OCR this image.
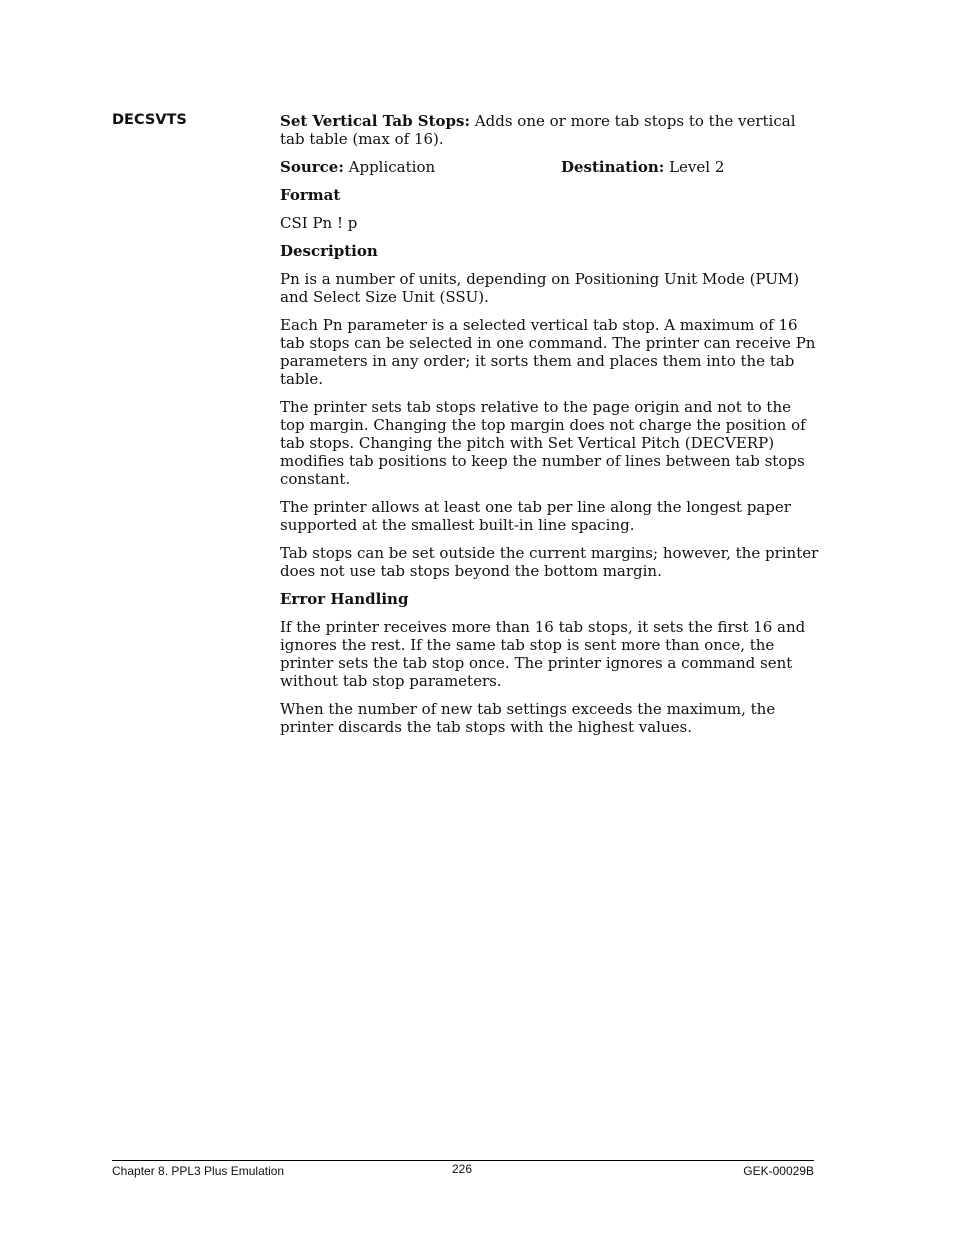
DECSVTS	Set Vertical Tab Stops: Adds one or more tab stops to the vertical tab table (max of 16).

Source: Application	Destination: Level 2

Format

CSI Pn ! p

Description

Pn is a number of units, depending on Positioning Unit Mode (PUM) and Select Size Unit (SSU).

Each Pn parameter is a selected vertical tab stop. A maximum of 16 tab stops can be selected in one command. The printer can receive Pn parameters in any order; it sorts them and places them into the tab table.

The printer sets tab stops relative to the page origin and not to the top margin. Changing the top margin does not charge the position of tab stops. Changing the pitch with Set Vertical Pitch (DECVERP) modifies tab positions to keep the number of lines between tab stops constant.

The printer allows at least one tab per line along the longest paper supported at the smallest built-in line spacing.

Tab stops can be set outside the current margins; however, the printer does not use tab stops beyond the bottom margin.

Error Handling

If the printer receives more than 16 tab stops, it sets the first 16 and ignores the rest. If the same tab stop is sent more than once, the printer sets the tab stop once. The printer ignores a command sent without tab stop parameters.

When the number of new tab settings exceeds the maximum, the printer discards the tab stops with the highest values.

Chapter 8. PPL3 Plus Emulation	226	GEK-00029B
